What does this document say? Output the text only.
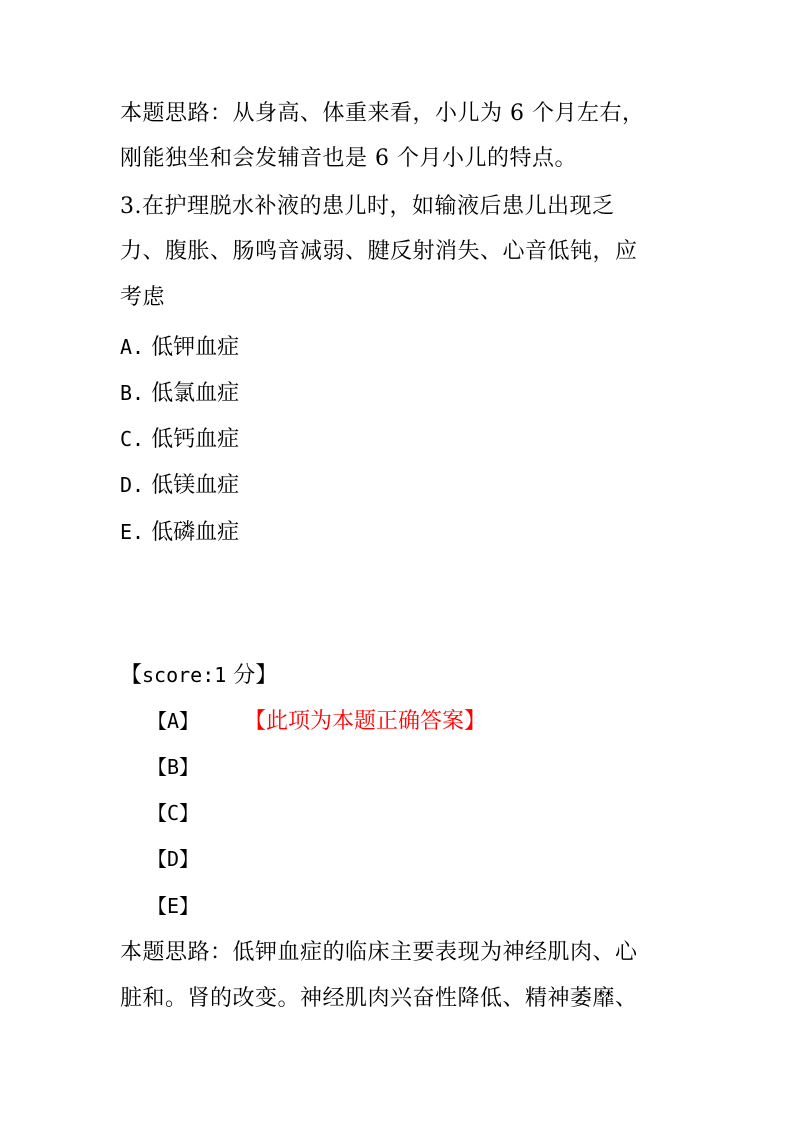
本题思路：从身高、体重来看，小儿为 6 个月左右，
刚能独坐和会发辅音也是 6 个月小儿的特点。
3.在护理脱水补液的患儿时，如输液后患儿出现乏
力、腹胀、肠鸣音减弱、腱反射消失、心音低钝，应
考虑
A. 低钾血症
B. 低氯血症
C. 低钙血症
D. 低镁血症
E. 低磷血症
【score:1 分】
【A】 【此项为本题正确答案】
【B】
【C】
【D】
【E】
本题思路：低钾血症的临床主要表现为神经肌肉、心
脏和。肾的改变。神经肌肉兴奋性降低、精神萎靡、
